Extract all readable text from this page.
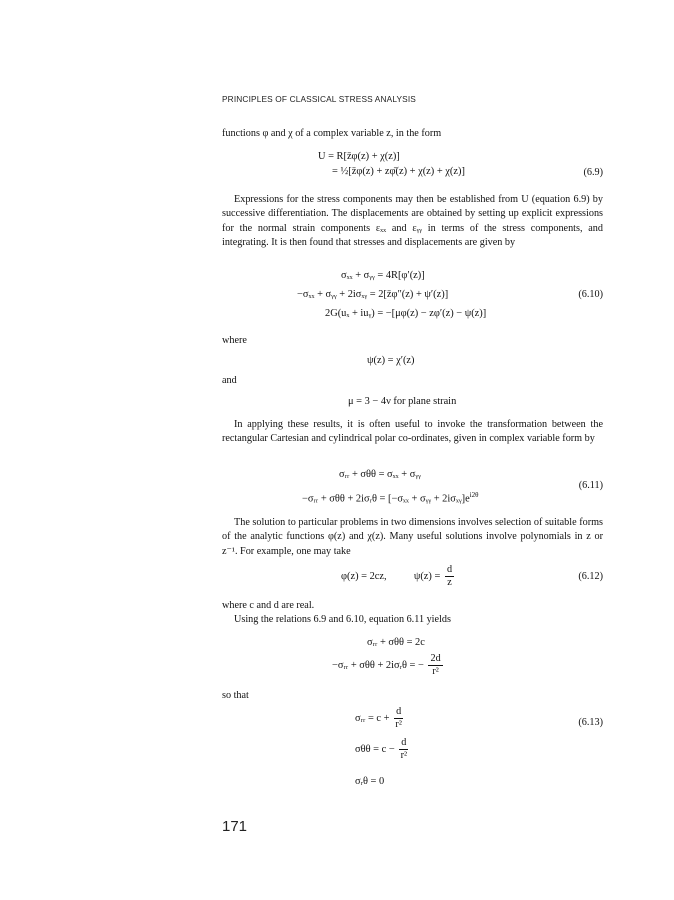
PRINCIPLES OF CLASSICAL STRESS ANALYSIS
functions φ and χ of a complex variable z, in the form
U = R[z̄φ(z) + χ(z)]
= ½[z̄φ(z) + zφ̄(z) + χ(z) + χ(z)]	(6.9)
Expressions for the stress components may then be established from U (equation 6.9) by successive differentiation. The displacements are obtained by setting up explicit expressions for the normal strain components εₓₓ and εᵧᵧ in terms of the stress components, and integrating. It is then found that stresses and displacements are given by
σₓₓ + σᵧᵧ = 4R[φ′(z)]
−σₓₓ + σᵧᵧ + 2iσₓᵧ = 2[z̄φ″(z) + ψ′(z)]
2G(uₓ + iuᵧ) = −[μφ(z) − zφ′(z) − ψ(z)]
(6.10)
where
ψ(z) = χ′(z)
and
μ = 3 − 4ν for plane strain
In applying these results, it is often useful to invoke the transformation between the rectangular Cartesian and cylindrical polar co-ordinates, given in complex variable form by
σᵣᵣ + σθθ = σₓₓ + σᵧᵧ
−σᵣᵣ + σθθ + 2iσᵣθ = [−σₓₓ + σᵧᵧ + $2i\sigma_xᵧ]e^{i2\theta}$
(6.11)
The solution to particular problems in two dimensions involves selection of suitable forms of the analytic functions φ(z) and χ(z). Many useful solutions involve polynomials in z or z⁻¹. For example, one may take
φ(z) = 2cz,	$\psi(z) = \frac{d}{z}$	(6.12)
where c and d are real.
Using the relations 6.9 and 6.10, equation 6.11 yields
σᵣᵣ + σθθ = 2c
−σᵣᵣ + σθθ + 2iσᵣθ = − $\frac{2d}{\text{r²}}$
so that
σᵣᵣ = $c + \frac{d}{\text{r²}}$	(6.13)
$\sigma\theta\theta = c - \frac{d}{\text{r²}}$
σᵣθ = 0
171
